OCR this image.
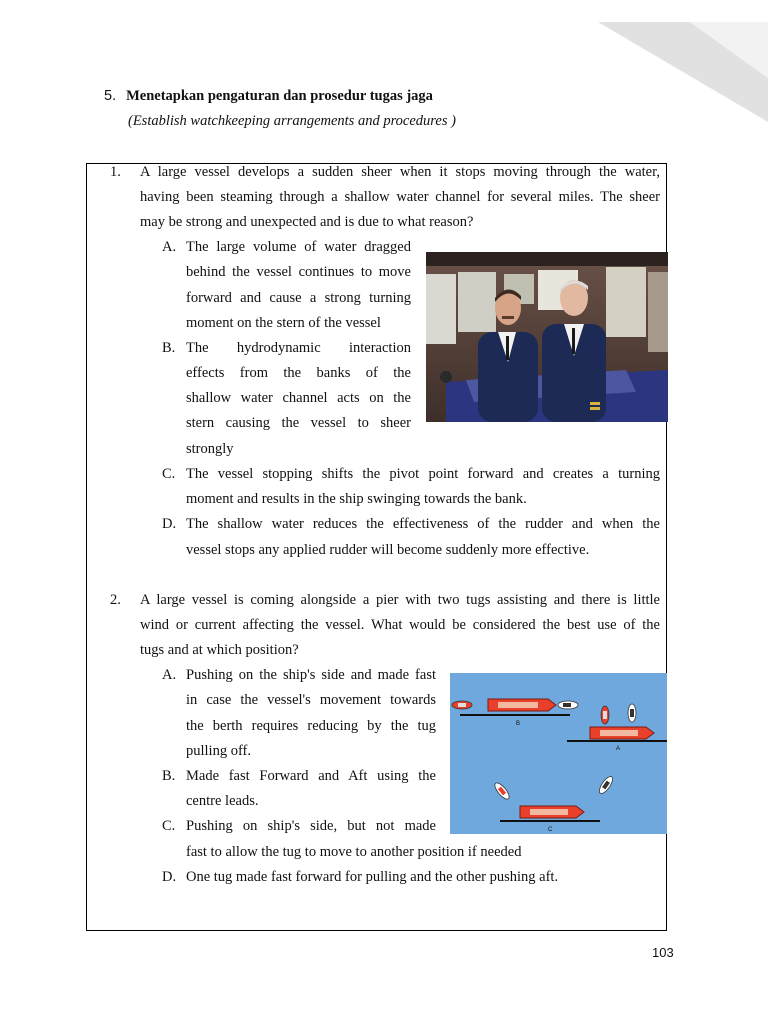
5. Menetapkan pengaturan dan prosedur tugas jaga
(Establish watchkeeping arrangements and procedures )
1. A large vessel develops a sudden sheer when it stops moving through the water,
having been steaming through a shallow water channel for several miles. The sheer
may be strong and unexpected and is due to what reason?
A. The large volume of water dragged
behind the vessel continues to move
forward and cause a strong turning
moment on the stern of the vessel
B. The hydrodynamic interaction
effects from the banks of the
shallow water channel acts on the
stern causing the vessel to sheer
strongly
C. The vessel stopping shifts the pivot point forward and creates a turning
moment and results in the ship swinging towards the bank.
D. The shallow water reduces the effectiveness of the rudder and when the
vessel stops any applied rudder will become suddenly more effective.
2. A large vessel is coming alongside a pier with two tugs assisting and there is little
wind or current affecting the vessel. What would be considered the best use of the
tugs and at which position?
A. Pushing on the ship's side and made fast
in case the vessel's movement towards
the berth requires reducing by the tug
pulling off.
B. Made fast Forward and Aft using the
centre leads.
C. Pushing on ship's side, but not made
fast to allow the tug to move to another position if needed
D. One tug made fast forward for pulling and the other pushing aft.
B
A
C
103
